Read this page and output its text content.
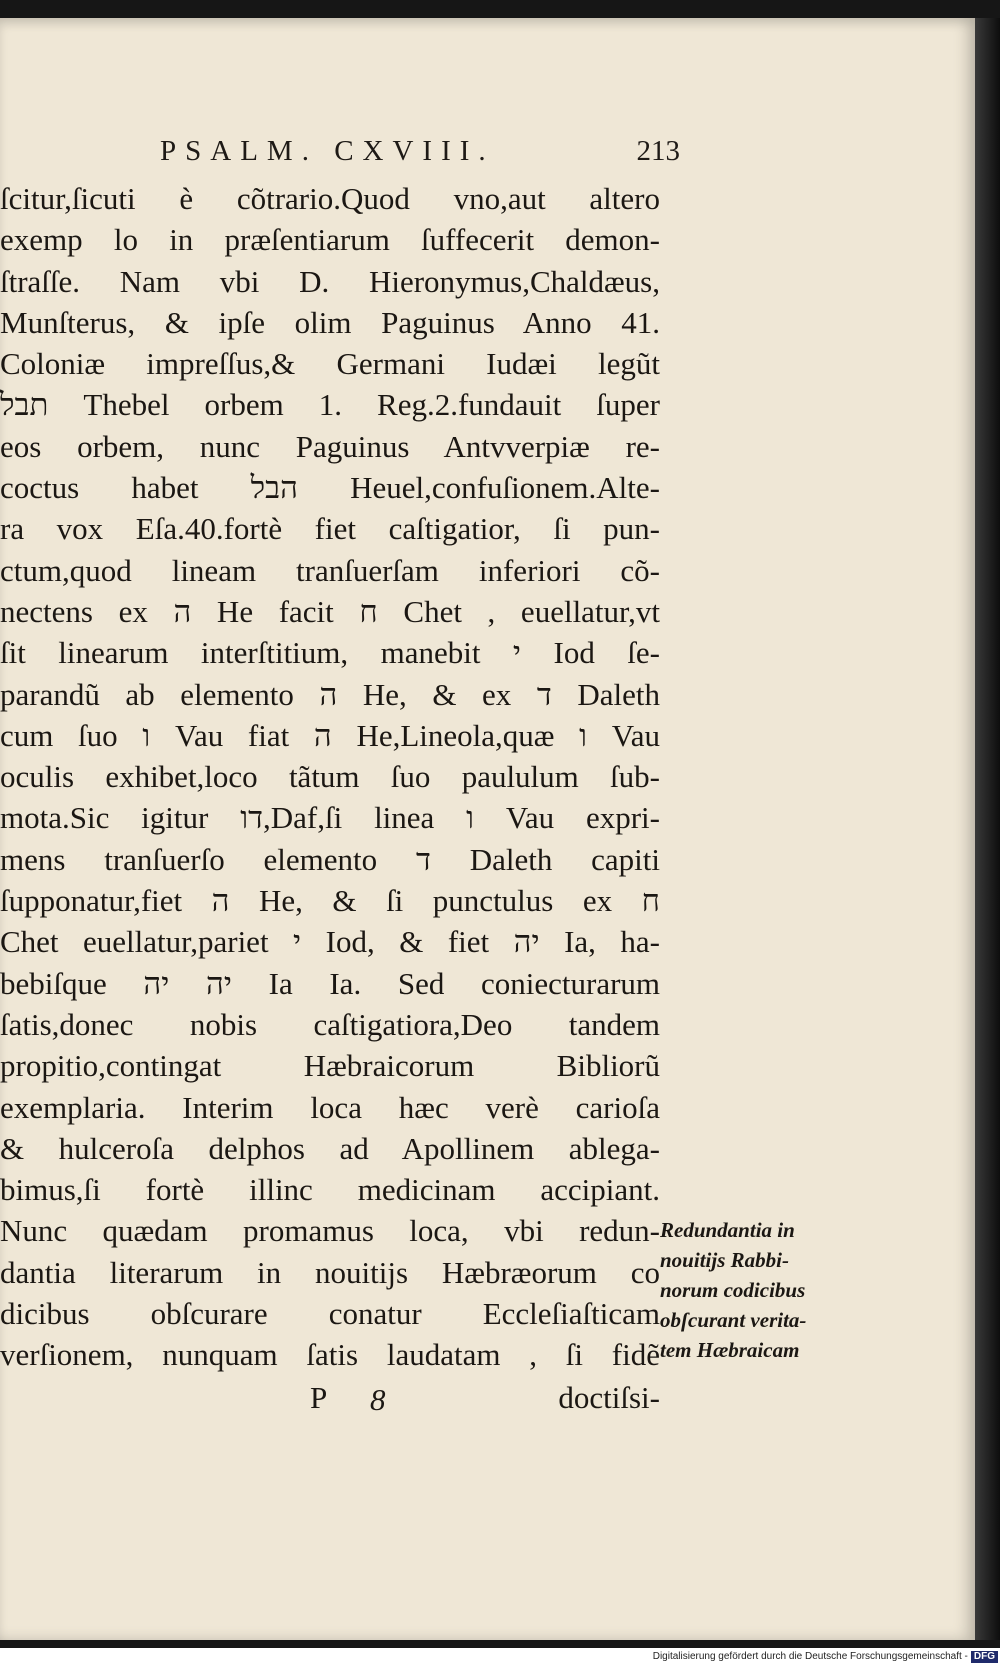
PSALM. CXVIII.	213
ſcitur,ſicuti è cõtrario.Quod vno,aut altero
exemp lo in præſentiarum ſuffecerit demon-
ſtraſſe. Nam vbi D. Hieronymus,Chaldæus,
Munſterus, & ipſe olim Paguinus Anno 41.
Coloniæ impreſſus,& Germani Iudæi legũt
תבל Thebel orbem 1. Reg.2.fundauit ſuper
eos orbem, nunc Paguinus Antvverpiæ re-
coctus habet הבל Heuel,confuſionem.Alte-
ra vox Eſa.40.fortè fiet caſtigatior, ſi pun-
ctum,quod lineam tranſuerſam inferiori cõ-
nectens ex ה He facit ח Chet , euellatur,vt
ſit linearum interſtitium, manebit י Iod ſe-
parandũ ab elemento ה He, & ex ד Daleth
cum ſuo ו Vau fiat ה He,Lineola,quæ ו Vau
oculis exhibet,loco tãtum ſuo paululum ſub-
mota.Sic igitur דו,Daf,ſi linea ו Vau expri-
mens tranſuerſo elemento ד Daleth capiti
ſupponatur,fiet ה He, & ſi punctulus ex ח
Chet euellatur,pariet י Iod, & fiet יה Ia, ha-
bebiſque יה יה Ia Ia. Sed coniecturarum
ſatis,donec nobis caſtigatiora,Deo tandem
propitio,contingat Hæbraicorum Bibliorũ
exemplaria. Interim loca hæc verè carioſa
& hulceroſa delphos ad Apollinem ablega-
bimus,ſi fortè illinc medicinam accipiant.
Nunc quædam promamus loca, vbi redun-
dantia literarum in nouitijs Hæbræorum co
dicibus obſcurare conatur Eccleſiaſticam
verſionem, nunquam ſatis laudatam , ſi fidẽ
P 8	doctiſsi-
Redundantia in
nouitijs Rabbi-
norum codicibus
obſcurant verita-
tem Hæbraicam
Digitalisierung gefördert durch die Deutsche Forschungsgemeinschaft - DFG
